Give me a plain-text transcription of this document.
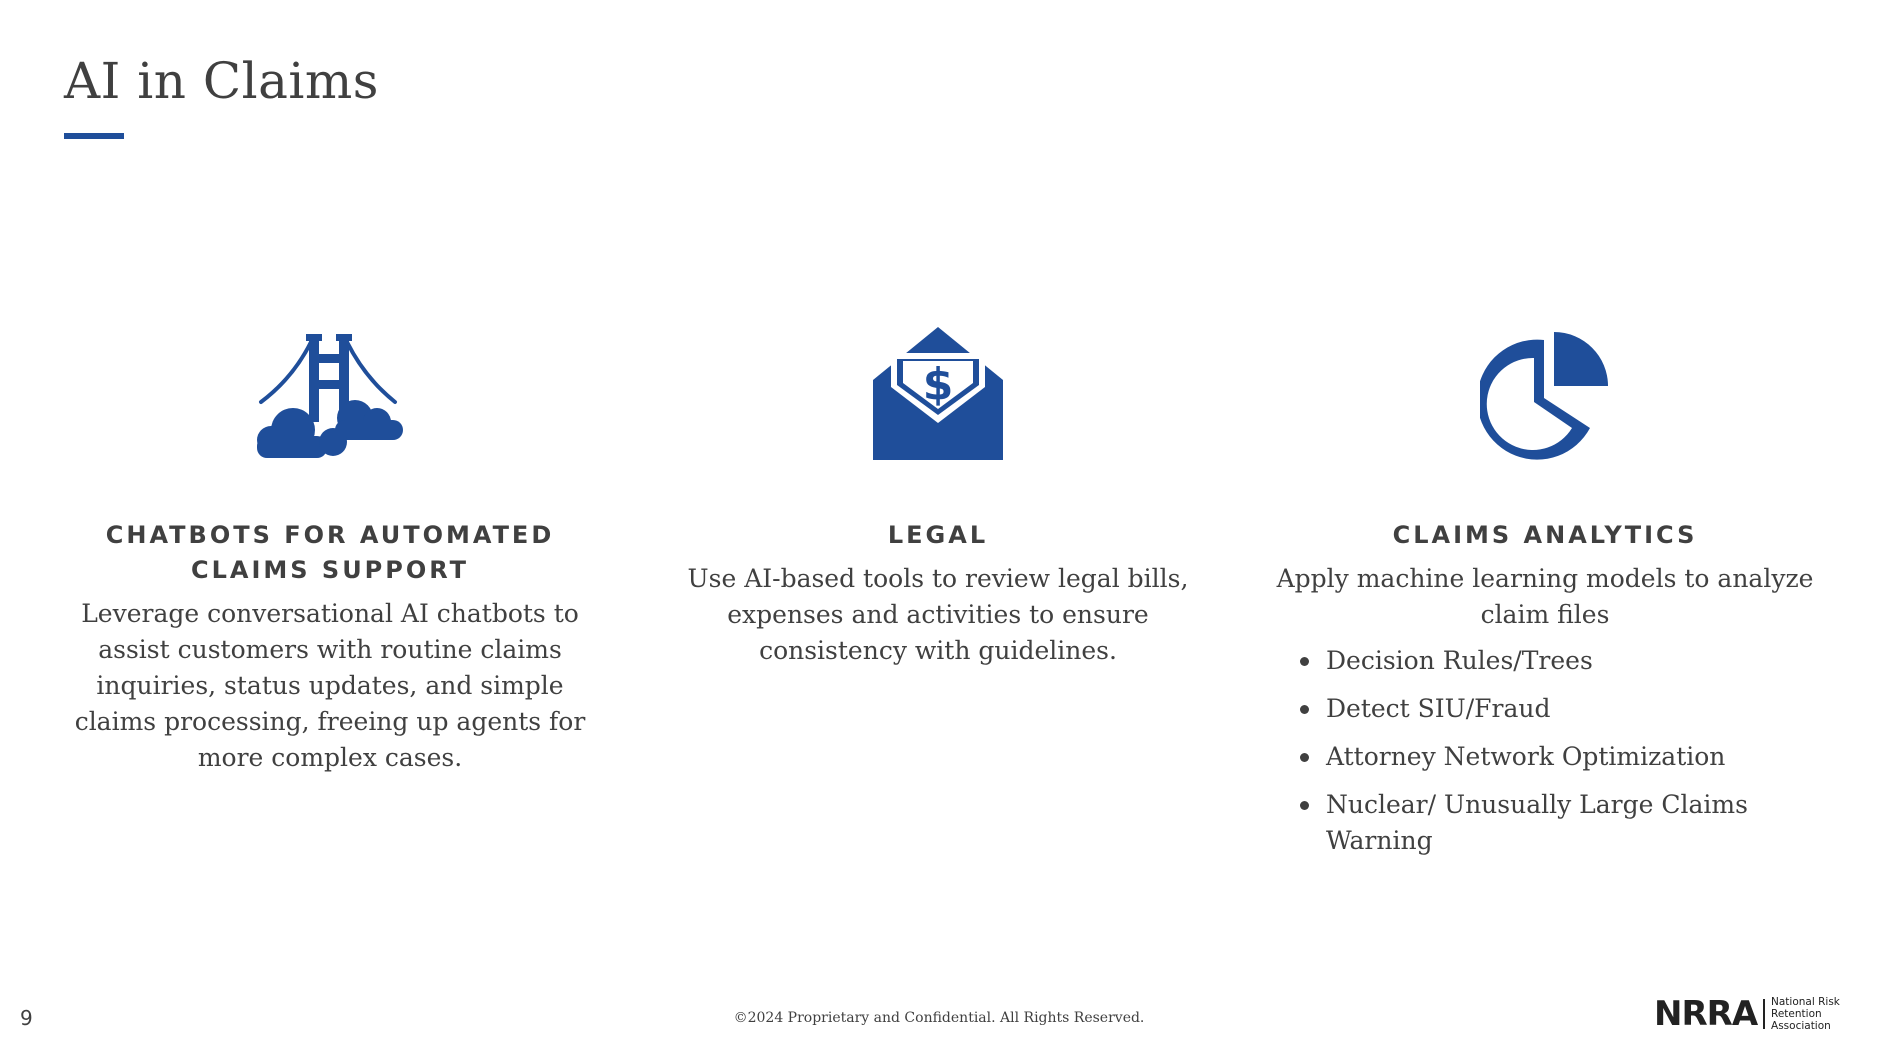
AI in Claims

CHATBOTS FOR AUTOMATED CLAIMS SUPPORT

Leverage conversational AI chatbots to assist customers with routine claims inquiries, status updates, and simple claims processing, freeing up agents for more complex cases.

$

LEGAL

Use AI-based tools to review legal bills, expenses and activities to ensure consistency with guidelines.

CLAIMS ANALYTICS

Apply machine learning models to analyze claim files

Decision Rules/Trees
Detect SIU/Fraud
Attorney Network Optimization
Nuclear/ Unusually Large Claims Warning
9	©2024 Proprietary and Confidential. All Rights Reserved.	NRRA National Risk
Retention Association
